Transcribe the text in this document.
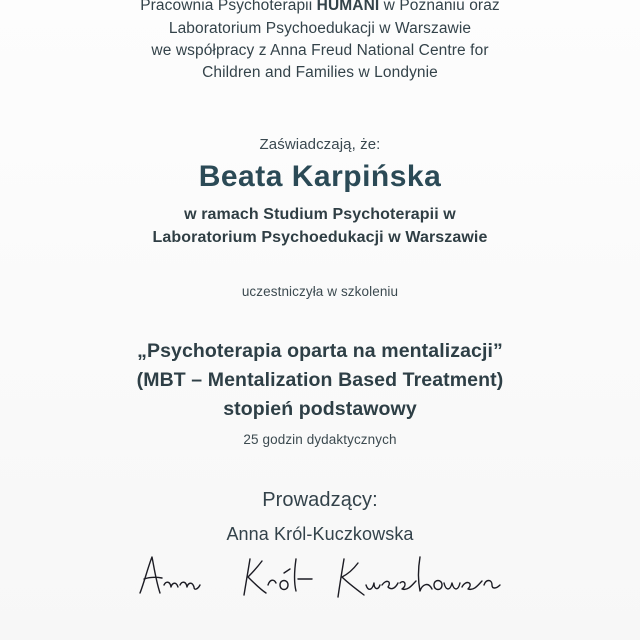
Pracownia Psychoterapii HUMANI w Poznaniu oraz
Laboratorium Psychoedukacji w Warszawie
we współpracy z Anna Freud National Centre for
Children and Families w Londynie
Zaświadczają, że:
Beata Karpińska
w ramach Studium Psychoterapii w
Laboratorium Psychoedukacji w Warszawie
uczestniczyła w szkoleniu
„Psychoterapia oparta na mentalizacji”
(MBT – Mentalization Based Treatment)
stopień podstawowy
25 godzin dydaktycznych
Prowadzący:
Anna Król-Kuczkowska
